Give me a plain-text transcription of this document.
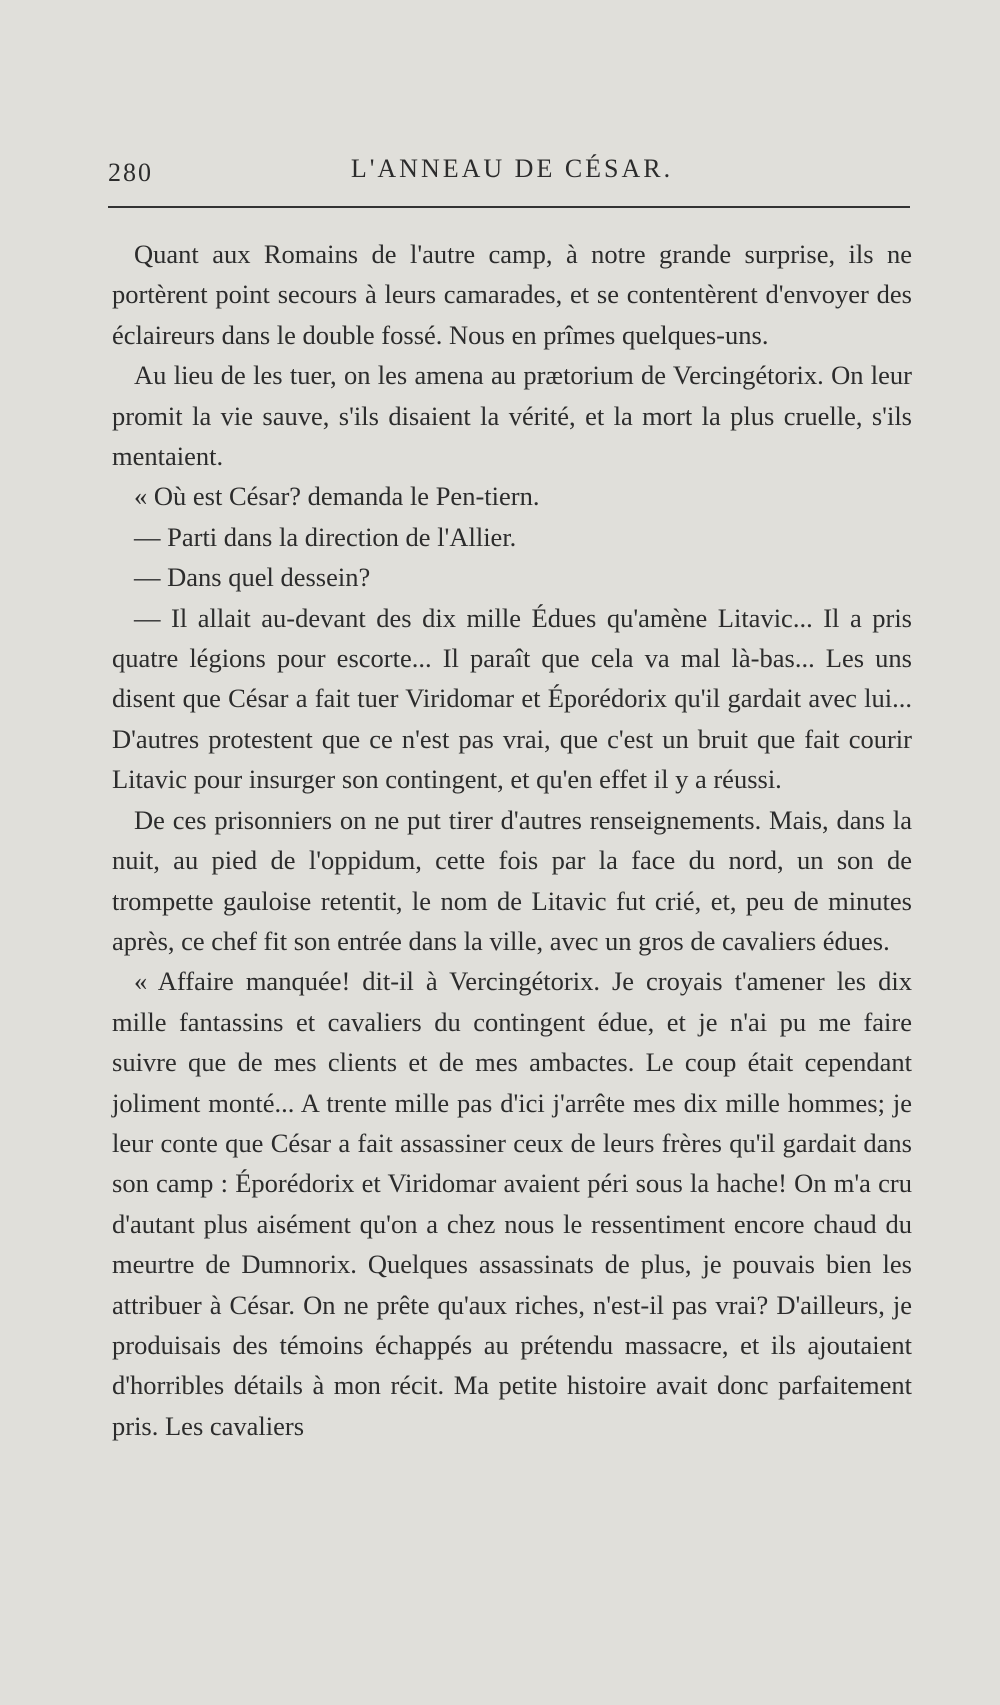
280	L'ANNEAU DE CÉSAR.

Quant aux Romains de l'autre camp, à notre grande surprise, ils ne portèrent point secours à leurs camarades, et se contentèrent d'envoyer des éclaireurs dans le double fossé. Nous en prîmes quelques-uns.

Au lieu de les tuer, on les amena au prætorium de Vercingétorix. On leur promit la vie sauve, s'ils disaient la vérité, et la mort la plus cruelle, s'ils mentaient.

« Où est César? demanda le Pen-tiern.

— Parti dans la direction de l'Allier.

— Dans quel dessein?

— Il allait au-devant des dix mille Édues qu'amène Litavic... Il a pris quatre légions pour escorte... Il paraît que cela va mal là-bas... Les uns disent que César a fait tuer Viridomar et Éporédorix qu'il gardait avec lui... D'autres protestent que ce n'est pas vrai, que c'est un bruit que fait courir Litavic pour insurger son contingent, et qu'en effet il y a réussi.

De ces prisonniers on ne put tirer d'autres renseignements. Mais, dans la nuit, au pied de l'oppidum, cette fois par la face du nord, un son de trompette gauloise retentit, le nom de Litavic fut crié, et, peu de minutes après, ce chef fit son entrée dans la ville, avec un gros de cavaliers édues.

« Affaire manquée! dit-il à Vercingétorix. Je croyais t'amener les dix mille fantassins et cavaliers du contingent édue, et je n'ai pu me faire suivre que de mes clients et de mes ambactes. Le coup était cependant joliment monté... A trente mille pas d'ici j'arrête mes dix mille hommes; je leur conte que César a fait assassiner ceux de leurs frères qu'il gardait dans son camp : Éporédorix et Viridomar avaient péri sous la hache! On m'a cru d'autant plus aisément qu'on a chez nous le ressentiment encore chaud du meurtre de Dumnorix. Quelques assassinats de plus, je pouvais bien les attribuer à César. On ne prête qu'aux riches, n'est-il pas vrai? D'ailleurs, je produisais des témoins échappés au prétendu massacre, et ils ajoutaient d'horribles détails à mon récit. Ma petite histoire avait donc parfaitement pris. Les cavaliers
